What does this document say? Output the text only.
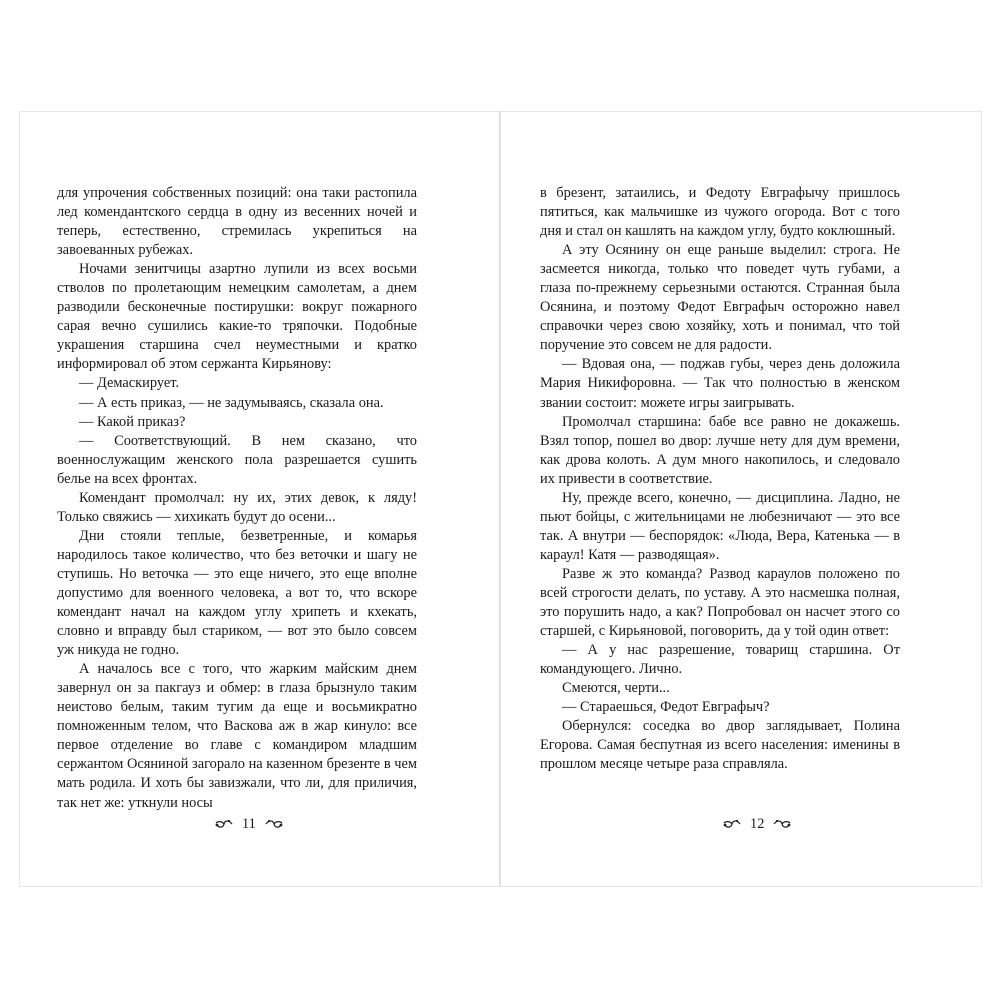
для упрочения собственных позиций: она таки растопила лед комендантского сердца в одну из весенних ночей и теперь, естественно, стремилась укрепиться на завоеванных рубежах.

Ночами зенитчицы азартно лупили из всех восьми стволов по пролетающим немецким самолетам, а днем разводили бесконечные постирушки: вокруг пожарного сарая вечно сушились какие-то тряпочки. Подобные украшения старшина счел неуместными и кратко информировал об этом сержанта Кирьянову:

— Демаскирует.

— А есть приказ, — не задумываясь, сказала она.

— Какой приказ?

— Соответствующий. В нем сказано, что военнослужащим женского пола разрешается сушить белье на всех фронтах.

Комендант промолчал: ну их, этих девок, к ляду! Только свяжись — хихикать будут до осени...

Дни стояли теплые, безветренные, и комарья народилось такое количество, что без веточки и шагу не ступишь. Но веточка — это еще ничего, это еще вполне допустимо для военного человека, а вот то, что вскоре комендант начал на каждом углу хрипеть и кхекать, словно и вправду был стариком, — вот это было совсем уж никуда не годно.

А началось все с того, что жарким майским днем завернул он за пакгауз и обмер: в глаза брызнуло таким неистово белым, таким тугим да еще и восьмикратно помноженным телом, что Васкова аж в жар кинуло: все первое отделение во главе с командиром младшим сержантом Осяниной загорало на казенном брезенте в чем мать родила. И хоть бы завизжали, что ли, для приличия, так нет же: уткнули носы

в брезент, затаились, и Федоту Евграфычу пришлось пятиться, как мальчишке из чужого огорода. Вот с того дня и стал он кашлять на каждом углу, будто коклюшный.

А эту Осянину он еще раньше выделил: строга. Не засмеется никогда, только что поведет чуть губами, а глаза по-прежнему серьезными остаются. Странная была Осянина, и поэтому Федот Евграфыч осторожно навел справочки через свою хозяйку, хоть и понимал, что той поручение это совсем не для радости.

— Вдовая она, — поджав губы, через день доложила Мария Никифоровна. — Так что полностью в женском звании состоит: можете игры заигрывать.

Промолчал старшина: бабе все равно не докажешь. Взял топор, пошел во двор: лучше нету для дум времени, как дрова колоть. А дум много накопилось, и следовало их привести в соответствие.

Ну, прежде всего, конечно, — дисциплина. Ладно, не пьют бойцы, с жительницами не любезничают — это все так. А внутри — беспорядок: «Люда, Вера, Катенька — в караул! Катя — разводящая».

Разве ж это команда? Развод караулов положено по всей строгости делать, по уставу. А это насмешка полная, это порушить надо, а как? Попробовал он насчет этого со старшей, с Кирьяновой, поговорить, да у той один ответ:

— А у нас разрешение, товарищ старшина. От командующего. Лично.

Смеются, черти...

— Стараешься, Федот Евграфыч?

Обернулся: соседка во двор заглядывает, Полина Егорова. Самая беспутная из всего населения: именины в прошлом месяце четыре раза справляла.

11	12
